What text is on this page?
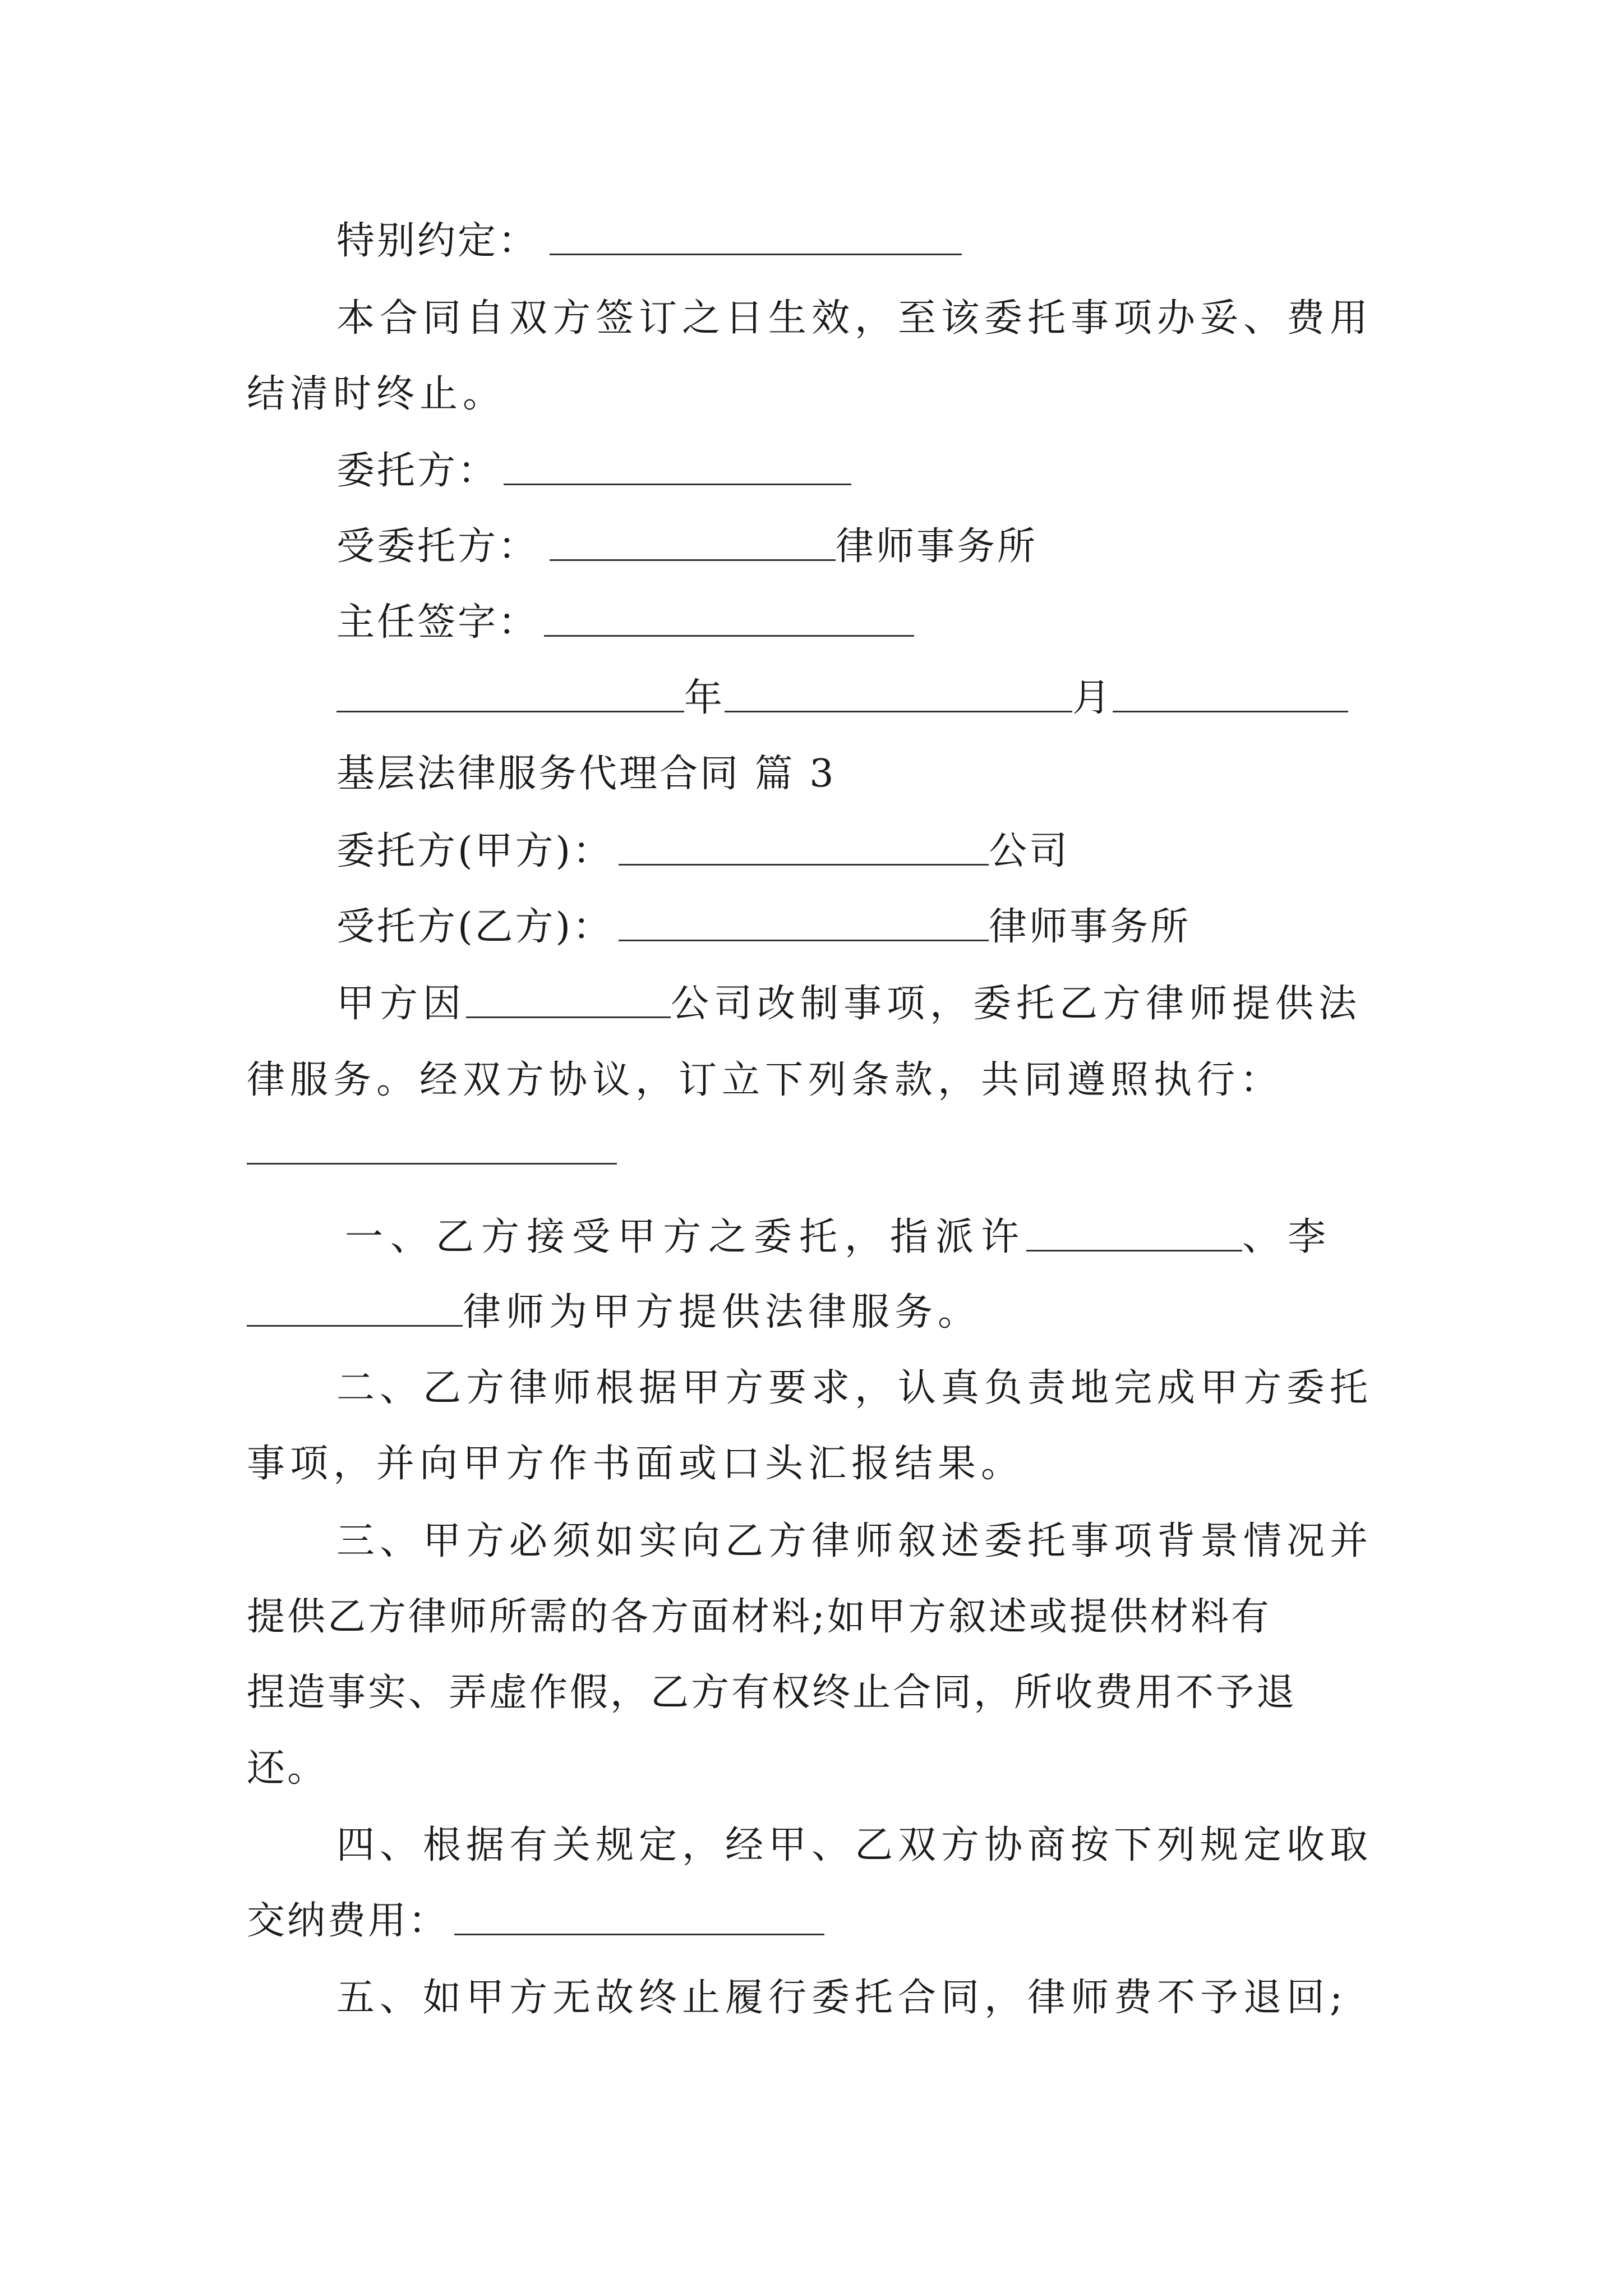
特别约定：
本合同自双方签订之日生效，至该委托事项办妥、费用
结清时终止。
委托方：
受委托方：	律师事务所
主任签字：
年	月
基层法律服务代理合同 篇 3
委托方(甲方)：	公司
受托方(乙方)：	律师事务所
甲方因	公司改制事项，委托乙方律师提供法
律服务。经双方协议，订立下列条款，共同遵照执行：
一、乙方接受甲方之委托，指派许	、李
律师为甲方提供法律服务。
二、乙方律师根据甲方要求，认真负责地完成甲方委托
事项，并向甲方作书面或口头汇报结果。
三、甲方必须如实向乙方律师叙述委托事项背景情况并
提供乙方律师所需的各方面材料;如甲方叙述或提供材料有
捏造事实、弄虚作假，乙方有权终止合同，所收费用不予退
还。
四、根据有关规定，经甲、乙双方协商按下列规定收取
交纳费用：
五、如甲方无故终止履行委托合同，律师费不予退回;
